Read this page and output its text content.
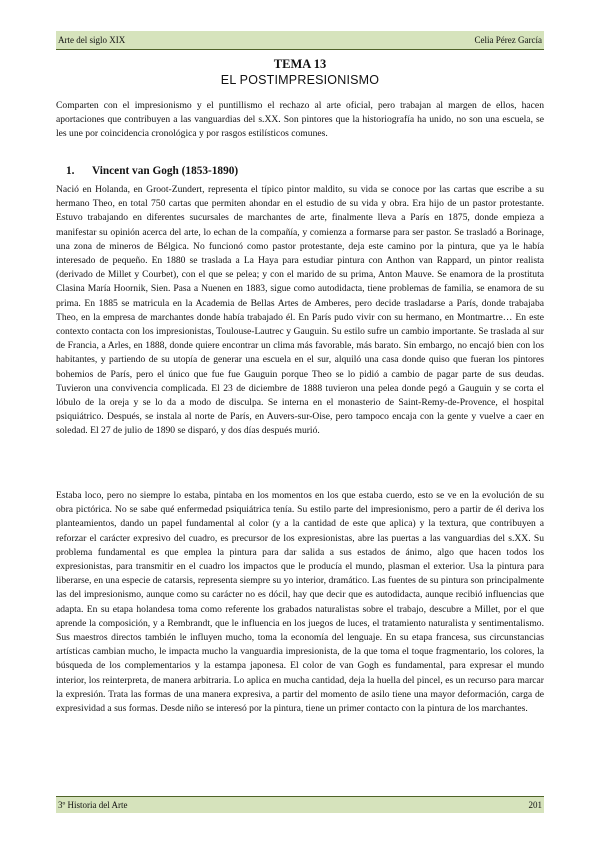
Arte del siglo XIX	Celia Pérez García
TEMA 13
EL POSTIMPRESIONISMO

Comparten con el impresionismo y el puntillismo el rechazo al arte oficial, pero trabajan al margen de ellos, hacen aportaciones que contribuyen a las vanguardias del s.XX. Son pintores que la historiografía ha unido, no son una escuela, se les une por coincidencia cronológica y por rasgos estilísticos comunes.

1. Vincent van Gogh (1853-1890)

Nació en Holanda, en Groot-Zundert, representa el típico pintor maldito, su vida se conoce por las cartas que escribe a su hermano Theo, en total 750 cartas que permiten ahondar en el estudio de su vida y obra. Era hijo de un pastor protestante. Estuvo trabajando en diferentes sucursales de marchantes de arte, finalmente lleva a París en 1875, donde empieza a manifestar su opinión acerca del arte, lo echan de la compañía, y comienza a formarse para ser pastor. Se trasladó a Borinage, una zona de mineros de Bélgica. No funcionó como pastor protestante, deja este camino por la pintura, que ya le había interesado de pequeño. En 1880 se traslada a La Haya para estudiar pintura con Anthon van Rappard, un pintor realista (derivado de Millet y Courbet), con el que se pelea; y con el marido de su prima, Anton Mauve. Se enamora de la prostituta Clasina María Hoornik, Sien. Pasa a Nuenen en 1883, sigue como autodidacta, tiene problemas de familia, se enamora de su prima. En 1885 se matricula en la Academia de Bellas Artes de Amberes, pero decide trasladarse a París, donde trabajaba Theo, en la empresa de marchantes donde había trabajado él. En París pudo vivir con su hermano, en Montmartre… En este contexto contacta con los impresionistas, Toulouse-Lautrec y Gauguin. Su estilo sufre un cambio importante. Se traslada al sur de Francia, a Arles, en 1888, donde quiere encontrar un clima más favorable, más barato. Sin embargo, no encajó bien con los habitantes, y partiendo de su utopía de generar una escuela en el sur, alquiló una casa donde quiso que fueran los pintores bohemios de París, pero el único que fue fue Gauguin porque Theo se lo pidió a cambio de pagar parte de sus deudas. Tuvieron una convivencia complicada. El 23 de diciembre de 1888 tuvieron una pelea donde pegó a Gauguin y se corta el lóbulo de la oreja y se lo da a modo de disculpa. Se interna en el monasterio de Saint-Remy-de-Provence, el hospital psiquiátrico. Después, se instala al norte de París, en Auvers-sur-Oise, pero tampoco encaja con la gente y vuelve a caer en soledad. El 27 de julio de 1890 se disparó, y dos días después murió.

Estaba loco, pero no siempre lo estaba, pintaba en los momentos en los que estaba cuerdo, esto se ve en la evolución de su obra pictórica. No se sabe qué enfermedad psiquiátrica tenía. Su estilo parte del impresionismo, pero a partir de él deriva los planteamientos, dando un papel fundamental al color (y a la cantidad de este que aplica) y la textura, que contribuyen a reforzar el carácter expresivo del cuadro, es precursor de los expresionistas, abre las puertas a las vanguardias del s.XX. Su problema fundamental es que emplea la pintura para dar salida a sus estados de ánimo, algo que hacen todos los expresionistas, para transmitir en el cuadro los impactos que le producía el mundo, plasman el exterior. Usa la pintura para liberarse, en una especie de catarsis, representa siempre su yo interior, dramático. Las fuentes de su pintura son principalmente las del impresionismo, aunque como su carácter no es dócil, hay que decir que es autodidacta, aunque recibió influencias que adapta. En su etapa holandesa toma como referente los grabados naturalistas sobre el trabajo, descubre a Millet, por el que aprende la composición, y a Rembrandt, que le influencia en los juegos de luces, el tratamiento naturalista y sentimentalismo. Sus maestros directos también le influyen mucho, toma la economía del lenguaje. En su etapa francesa, sus circunstancias artísticas cambian mucho, le impacta mucho la vanguardia impresionista, de la que toma el toque fragmentario, los colores, la búsqueda de los complementarios y la estampa japonesa. El color de van Gogh es fundamental, para expresar el mundo interior, los reinterpreta, de manera arbitraria. Lo aplica en mucha cantidad, deja la huella del pincel, es un recurso para marcar la expresión. Trata las formas de una manera expresiva, a partir del momento de asilo tiene una mayor deformación, carga de expresividad a sus formas. Desde niño se interesó por la pintura, tiene un primer contacto con la pintura de los marchantes.

3º Historia del Arte	201
